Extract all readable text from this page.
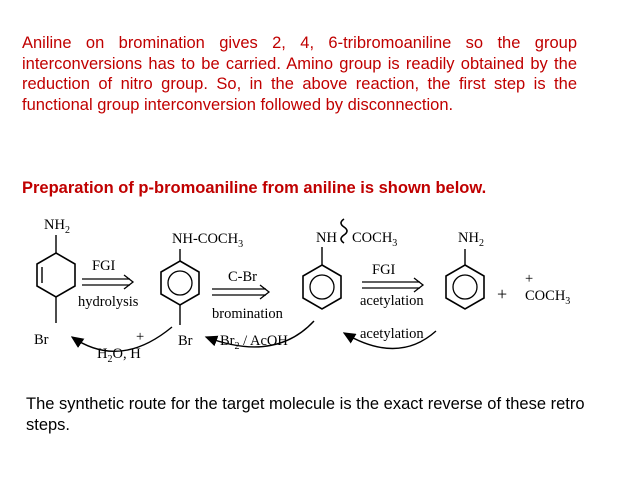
Aniline on bromination gives 2, 4, 6-tribromoaniline so the group interconversions has to be carried. Amino group is readily obtained by the reduction of nitro group. So, in the above reaction, the first step is the functional group interconversion followed by disconnection.

Preparation of p-bromoaniline from aniline is shown below.

$NH_2$
Br
FGI
hydrolysis
$NH-COCH_3$
Br
C-Br
bromination
NH $COCH_3$
FGI
acetylation
$NH_2$
+
+
$COCH_3$
$H_2O$, H
+	$Br_2$ / AcOH	acetylation

The synthetic route for the target molecule is the exact reverse of these retro steps.
